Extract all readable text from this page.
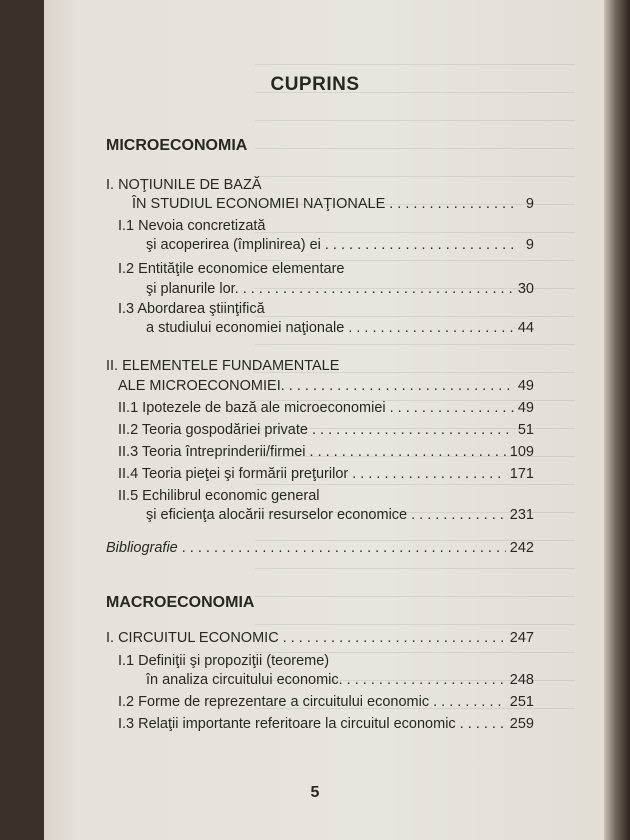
CUPRINS
MICROECONOMIA
I. NOŢIUNILE DE BAZĂ
ÎN STUDIUL ECONOMIEI NAŢIONALE . . .	9
I.1 Nevoia concretizată
şi acoperirea (împlinirea) ei . . .	9
I.2 Entităţile economice elementare
şi planurile lor. . . .	30
I.3 Abordarea ştiinţifică
a studiului economiei naţionale . . .	44
II. ELEMENTELE FUNDAMENTALE
ALE MICROECONOMIEI. . . .	49
II.1 Ipotezele de bază ale microeconomiei . . .	49
II.2 Teoria gospodăriei private . . .	51
II.3 Teoria întreprinderii/firmei . . .	109
II.4 Teoria pieţei şi formării preţurilor . . .	171
II.5 Echilibrul economic general
şi eficienţa alocării resurselor economice . . .	231
Bibliografie . . .	242
MACROECONOMIA
I. CIRCUITUL ECONOMIC . . .	247
I.1 Definiţii şi propoziţii (teoreme)
în analiza circuitului economic. . . .	248
I.2 Forme de reprezentare a circuitului economic . . .	251
I.3 Relaţii importante referitoare la circuitul economic . . .	259
5
